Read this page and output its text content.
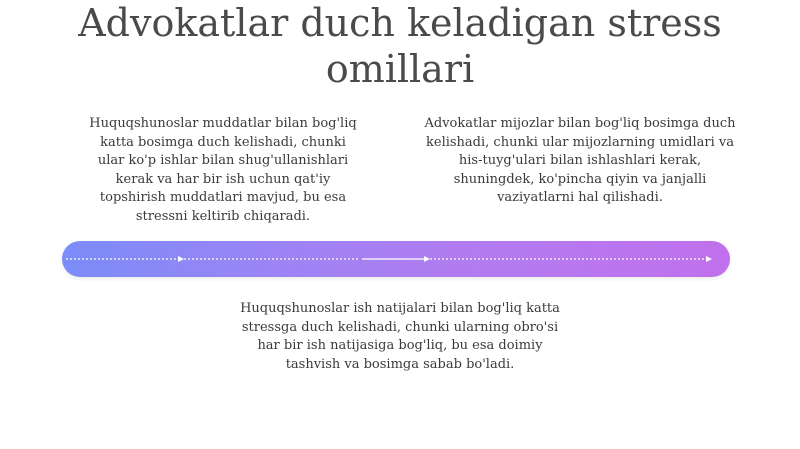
Advokatlar duch keladigan stress omillari
Huquqshunoslar muddatlar bilan bog'liq katta bosimga duch kelishadi, chunki ular ko'p ishlar bilan shug'ullanishlari kerak va har bir ish uchun qat'iy topshirish muddatlari mavjud, bu esa stressni keltirib chiqaradi.
Advokatlar mijozlar bilan bog'liq bosimga duch kelishadi, chunki ular mijozlarning umidlari va his-tuyg'ulari bilan ishlashlari kerak, shuningdek, ko'pincha qiyin va janjalli vaziyatlarni hal qilishadi.
Huquqshunoslar ish natijalari bilan bog'liq katta stressga duch kelishadi, chunki ularning obro'si har bir ish natijasiga bog'liq, bu esa doimiy tashvish va bosimga sabab bo'ladi.
